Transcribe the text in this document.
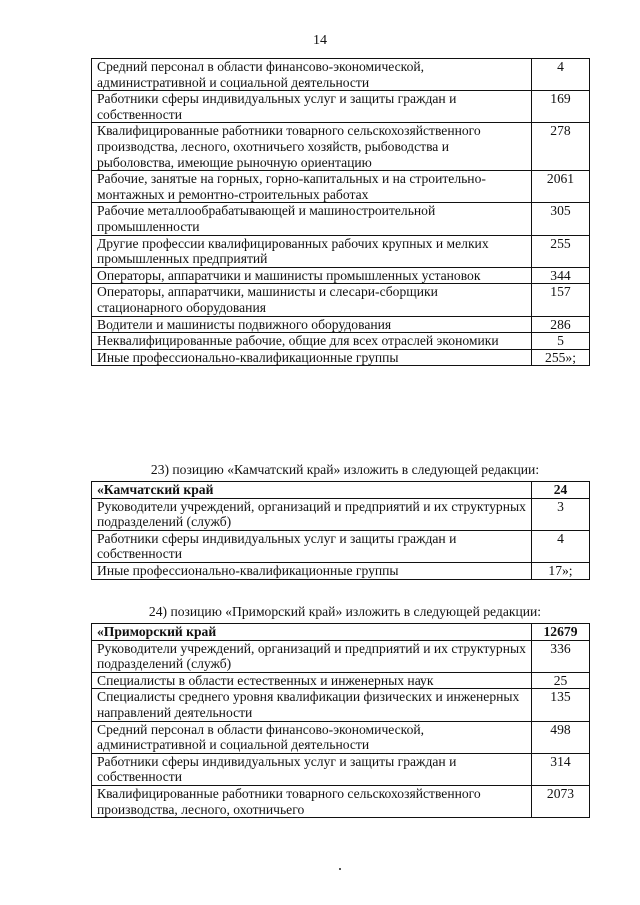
14
Средний персонал в области финансово-экономической, административной и социальной деятельности	4
Работники сферы индивидуальных услуг и защиты граждан и собственности	169
Квалифицированные работники товарного сельскохозяйственного производства, лесного, охотничьего хозяйств, рыбоводства и рыболовства, имеющие рыночную ориентацию	278
Рабочие, занятые на горных, горно-капитальных и на строительно-монтажных и ремонтно-строительных работах	2061
Рабочие металлообрабатывающей и машиностроительной промышленности	305
Другие профессии квалифицированных рабочих крупных и мелких промышленных предприятий	255
Операторы, аппаратчики и машинисты промышленных установок	344
Операторы, аппаратчики, машинисты и слесари-сборщики стационарного оборудования	157
Водители и машинисты подвижного оборудования	286
Неквалифицированные рабочие, общие для всех отраслей экономики	5
Иные профессионально-квалификационные группы	255»;
23) позицию «Камчатский край» изложить в следующей редакции:
«Камчатский край	24
Руководители учреждений, организаций и предприятий и их структурных подразделений (служб)	3
Работники сферы индивидуальных услуг и защиты граждан и собственности	4
Иные профессионально-квалификационные группы	17»;
24) позицию «Приморский край» изложить в следующей редакции:
«Приморский край	12679
Руководители учреждений, организаций и предприятий и их структурных подразделений (служб)	336
Специалисты в области естественных и инженерных наук	25
Специалисты среднего уровня квалификации физических и инженерных направлений деятельности	135
Средний персонал в области финансово-экономической, административной и социальной деятельности	498
Работники сферы индивидуальных услуг и защиты граждан и собственности	314
Квалифицированные работники товарного сельскохозяйственного производства, лесного, охотничьего	2073
